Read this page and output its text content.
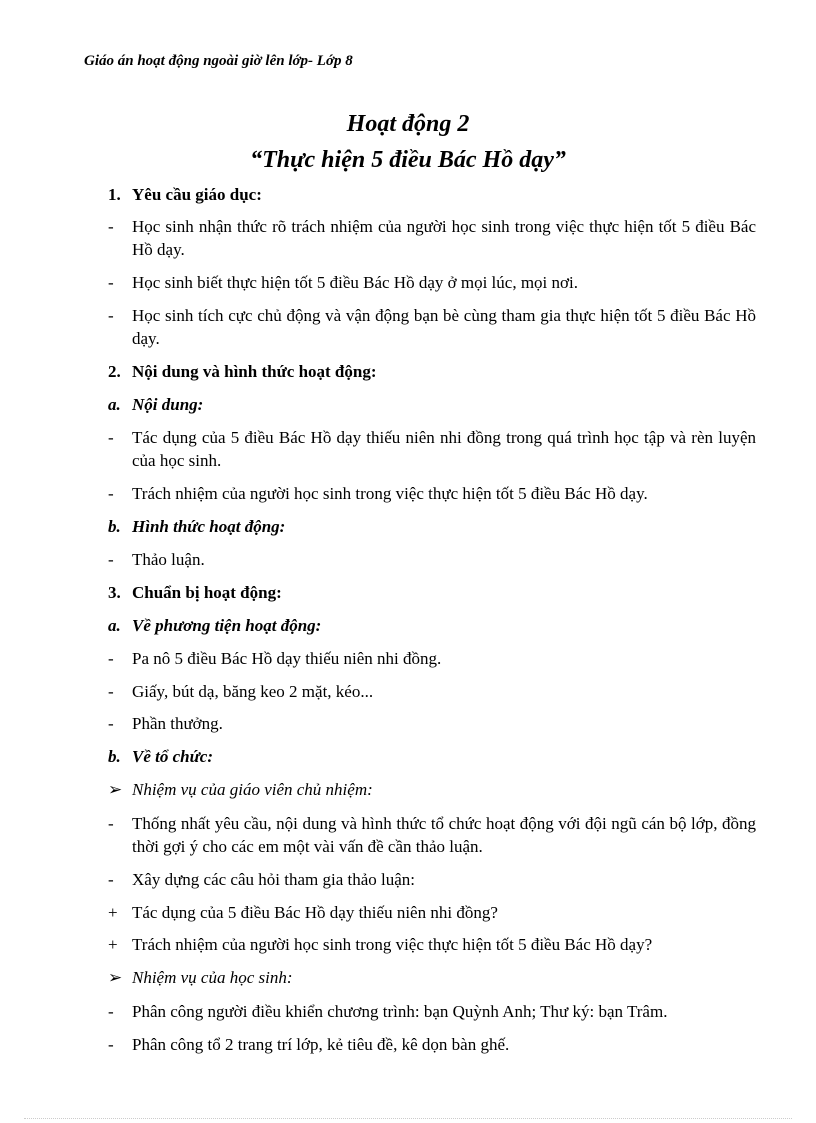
Giáo án hoạt động ngoài giờ lên lớp- Lớp 8
Hoạt động 2
“Thực hiện 5 điều Bác Hồ dạy”
1. Yêu cầu giáo dục:
-	Học sinh nhận thức rõ trách nhiệm của người học sinh trong việc thực hiện tốt 5 điều Bác Hồ dạy.
-	Học sinh biết thực hiện tốt 5 điều Bác Hồ dạy ở mọi lúc, mọi nơi.
-	Học sinh tích cực chủ động và vận động bạn bè cùng tham gia thực hiện tốt 5 điều Bác Hồ dạy.
2. Nội dung và hình thức hoạt động:
a. Nội dung:
-	Tác dụng của 5 điều Bác Hồ dạy thiếu niên nhi đồng trong quá trình học tập và rèn luyện của học sinh.
-	Trách nhiệm của người học sinh trong việc thực hiện tốt 5 điều Bác Hồ dạy.
b. Hình thức hoạt động:
-	Thảo luận.
3. Chuẩn bị hoạt động:
a. Về phương tiện hoạt động:
-	Pa nô 5 điều Bác Hồ dạy thiếu niên nhi đồng.
-	Giấy, bút dạ, băng keo 2 mặt, kéo...
-	Phần thưởng.
b. Về tổ chức:
➢ Nhiệm vụ của giáo viên chủ nhiệm:
-	Thống nhất yêu cầu, nội dung và hình thức tổ chức hoạt động với đội ngũ cán bộ lớp, đồng thời gợi ý cho các em một vài vấn đề cần thảo luận.
-	Xây dựng các câu hỏi tham gia thảo luận:
+ Tác dụng của 5 điều Bác Hồ dạy thiếu niên nhi đồng?
+ Trách nhiệm của người học sinh trong việc thực hiện tốt 5 điều Bác Hồ dạy?
➢ Nhiệm vụ của học sinh:
-	Phân công người điều khiển chương trình: bạn Quỳnh Anh; Thư ký: bạn Trâm.
-	Phân công tổ 2 trang trí lớp, kẻ tiêu đề, kê dọn bàn ghế.
